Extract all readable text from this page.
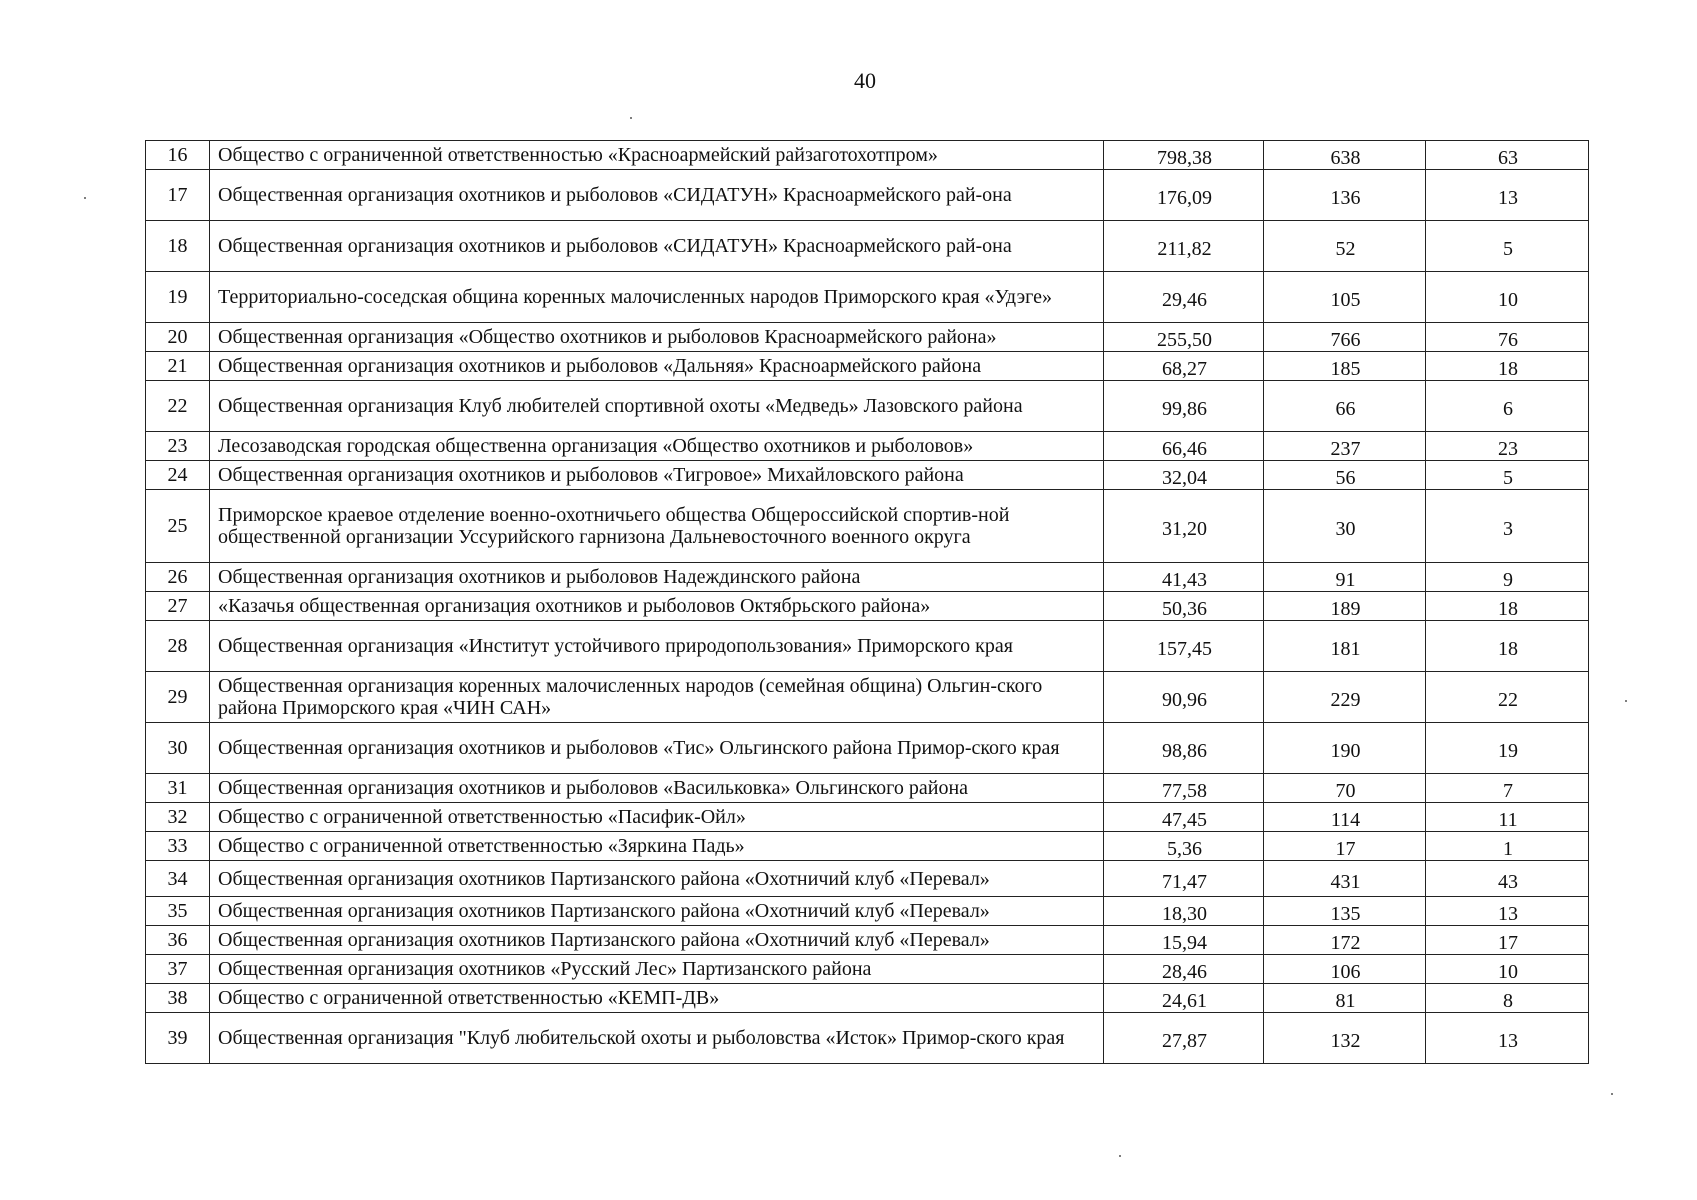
40
16	Общество с ограниченной ответственностью «Красноармейский райзаготохотпром»	798,38	638	63
17	Общественная организация охотников и рыболовов «СИДАТУН» Красноармейского рай-она	176,09	136	13
18	Общественная организация охотников и рыболовов «СИДАТУН» Красноармейского рай-она	211,82	52	5
19	Территориально-соседская община коренных малочисленных народов Приморского края «Удэге»	29,46	105	10
20	Общественная организация «Общество охотников и рыболовов Красноармейского района»	255,50	766	76
21	Общественная организация охотников и рыболовов «Дальняя» Красноармейского района	68,27	185	18
22	Общественная организация Клуб любителей спортивной охоты «Медведь» Лазовского района	99,86	66	6
23	Лесозаводская городская общественна организация «Общество охотников и рыболовов»	66,46	237	23
24	Общественная организация охотников и рыболовов «Тигровое» Михайловского района	32,04	56	5
25	Приморское краевое отделение военно-охотничьего общества Общероссийской спортив-ной общественной организации Уссурийского гарнизона Дальневосточного военного округа	31,20	30	3
26	Общественная организация охотников и рыболовов Надеждинского района	41,43	91	9
27	«Казачья общественная организация охотников и рыболовов Октябрьского района»	50,36	189	18
28	Общественная организация «Институт устойчивого природопользования» Приморского края	157,45	181	18
29	Общественная организация коренных малочисленных народов (семейная община) Ольгин-ского района Приморского края «ЧИН САН»	90,96	229	22
30	Общественная организация охотников и рыболовов «Тис» Ольгинского района Примор-ского края	98,86	190	19
31	Общественная организация охотников и рыболовов «Васильковка» Ольгинского района	77,58	70	7
32	Общество с ограниченной ответственностью «Пасифик-Ойл»	47,45	114	11
33	Общество с ограниченной ответственностью «Зяркина Падь»	5,36	17	1
34	Общественная организация охотников Партизанского района «Охотничий клуб «Перевал»	71,47	431	43
35	Общественная организация охотников Партизанского района «Охотничий клуб «Перевал»	18,30	135	13
36	Общественная организация охотников Партизанского района «Охотничий клуб «Перевал»	15,94	172	17
37	Общественная организация охотников «Русский Лес» Партизанского района	28,46	106	10
38	Общество с ограниченной ответственностью «КЕМП-ДВ»	24,61	81	8
39	Общественная организация "Клуб любительской охоты и рыболовства «Исток» Примор-ского края	27,87	132	13
